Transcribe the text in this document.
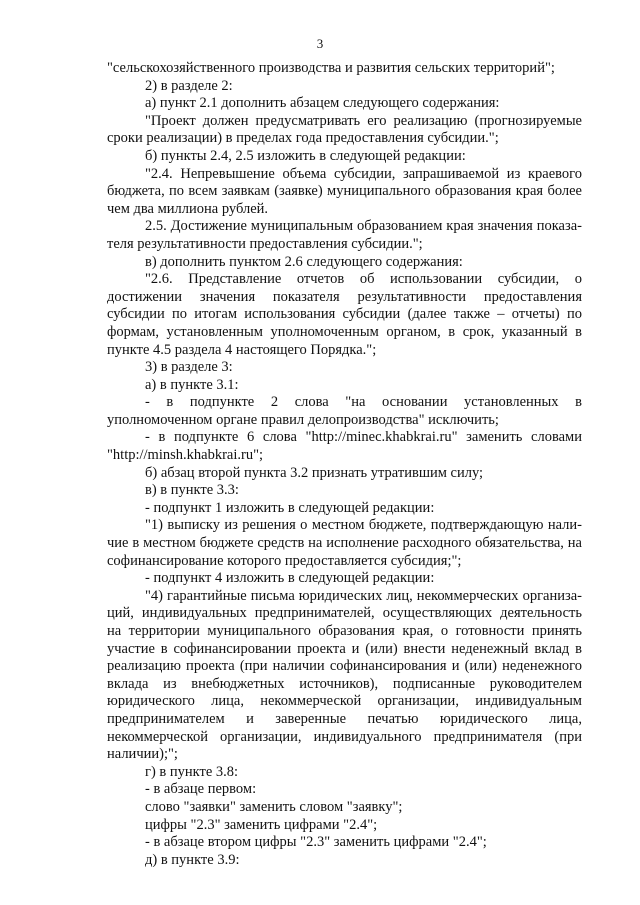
3

"сельскохозяйственного производства и развития сельских территорий";

2) в разделе 2:

а) пункт 2.1 дополнить абзацем следующего содержания:

"Проект должен предусматривать его реализацию (прогнозируемые сроки реализации) в пределах года предоставления субсидии.";

б) пункты 2.4, 2.5 изложить в следующей редакции:

"2.4. Непревышение объема субсидии, запрашиваемой из краевого бюджета, по всем заявкам (заявке) муниципального образования края более чем два миллиона рублей.

2.5. Достижение муниципальным образованием края значения показателя результативности предоставления субсидии.";

в) дополнить пунктом 2.6 следующего содержания:

"2.6. Представление отчетов об использовании субсидии, о достижении значения показателя результативности предоставления субсидии по итогам использования субсидии (далее также – отчеты) по формам, установленным уполномоченным органом, в срок, указанный в пункте 4.5 раздела 4 настоящего Порядка.";

3) в разделе 3:

а) в пункте 3.1:

- в подпункте 2 слова "на основании установленных в уполномоченном органе правил делопроизводства" исключить;

- в подпункте 6 слова "http://minec.khabkrai.ru" заменить словами "http://minsh.khabkrai.ru";

б) абзац второй пункта 3.2 признать утратившим силу;

в) в пункте 3.3:

- подпункт 1 изложить в следующей редакции:

"1) выписку из решения о местном бюджете, подтверждающую наличие в местном бюджете средств на исполнение расходного обязательства, на софинансирование которого предоставляется субсидия;";

- подпункт 4 изложить в следующей редакции:

"4) гарантийные письма юридических лиц, некоммерческих организаций, индивидуальных предпринимателей, осуществляющих деятельность на территории муниципального образования края, о готовности принять участие в софинансировании проекта и (или) внести неденежный вклад в реализацию проекта (при наличии софинансирования и (или) неденежного вклада из внебюджетных источников), подписанные руководителем юридического лица, некоммерческой организации, индивидуальным предпринимателем и заверенные печатью юридического лица, некоммерческой организации, индивидуального предпринимателя (при наличии);";

г) в пункте 3.8:

- в абзаце первом:

слово "заявки" заменить словом "заявку";

цифры "2.3" заменить цифрами "2.4";

- в абзаце втором цифры "2.3" заменить цифрами "2.4";

д) в пункте 3.9:
